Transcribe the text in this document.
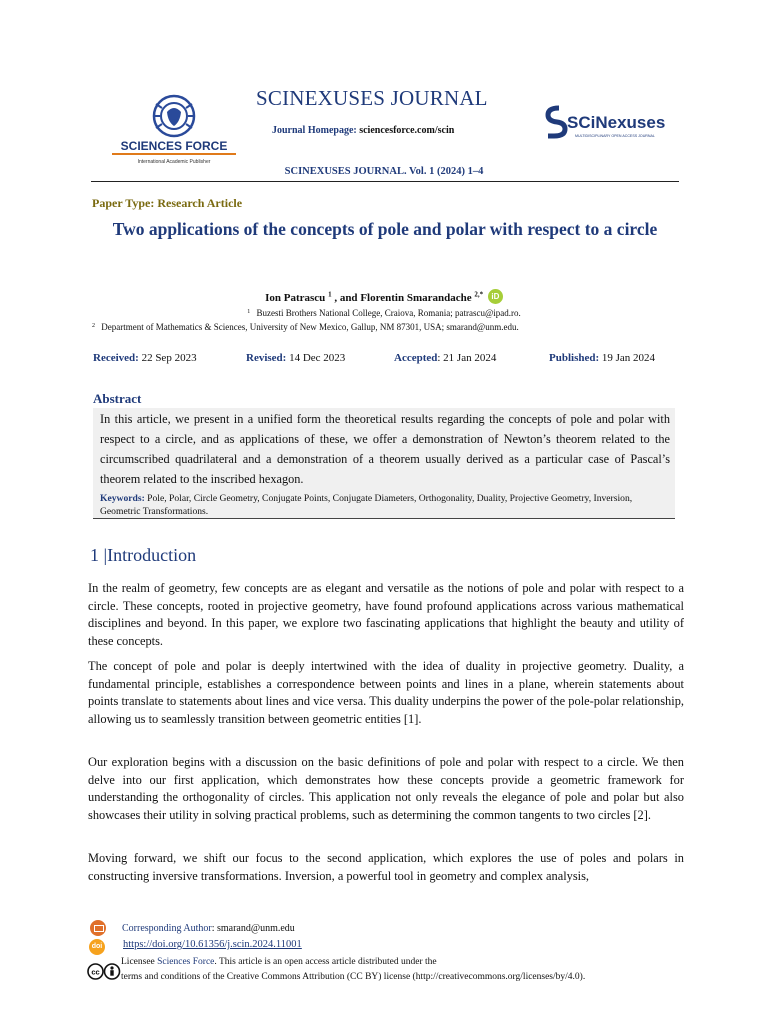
SCIENCES FORCE
International Academic Publisher
SCINEXUSES JOURNAL
Journal Homepage: sciencesforce.com/scin	SCiNexuses
MULTIDISCIPLINARY OPEN ACCESS JOURNAL
SCINEXUSES JOURNAL. Vol. 1 (2024) 1–4
Paper Type: Research Article
Two applications of the concepts of pole and polar with respect to a circle
Ion Patrascu $^1$ , and Florentin Smarandache $^{2,*}$ iD
$^1$ Buzesti Brothers National College, Craiova, Romania; patrascu@ipad.ro.
$^2$ Department of Mathematics & Sciences, University of New Mexico, Gallup, NM 87301, USA; smarand@unm.edu.
Received: 22 Sep 2023	Revised: 14 Dec 2023	Accepted: 21 Jan 2024	Published: 19 Jan 2024
Abstract
In this article, we present in a unified form the theoretical results regarding the concepts of pole and polar with respect to a circle, and as applications of these, we offer a demonstration of Newton’s theorem related to the circumscribed quadrilateral and a demonstration of a theorem usually derived as a particular case of Pascal’s theorem related to the inscribed hexagon.
Keywords: Pole, Polar, Circle Geometry, Conjugate Points, Conjugate Diameters, Orthogonality, Duality, Projective Geometry, Inversion, Geometric Transformations.
1 |Introduction
In the realm of geometry, few concepts are as elegant and versatile as the notions of pole and polar with respect to a circle. These concepts, rooted in projective geometry, have found profound applications across various mathematical disciplines and beyond. In this paper, we explore two fascinating applications that highlight the beauty and utility of these concepts.
The concept of pole and polar is deeply intertwined with the idea of duality in projective geometry. Duality, a fundamental principle, establishes a correspondence between points and lines in a plane, wherein statements about points translate to statements about lines and vice versa. This duality underpins the power of the pole-polar relationship, allowing us to seamlessly transition between geometric entities [1].
Our exploration begins with a discussion on the basic definitions of pole and polar with respect to a circle. We then delve into our first application, which demonstrates how these concepts provide a geometric framework for understanding the orthogonality of circles. This application not only reveals the elegance of pole and polar but also showcases their utility in solving practical problems, such as determining the common tangents to two circles [2].
Moving forward, we shift our focus to the second application, which explores the use of poles and polars in constructing inversive transformations. Inversion, a powerful tool in geometry and complex analysis,
Corresponding Author: smarand@unm.edu
doi https://doi.org/10.61356/j.scin.2024.11001
cc
Licensee Sciences Force. This article is an open access article distributed under the
terms and conditions of the Creative Commons Attribution (CC BY) license (http://creativecommons.org/licenses/by/4.0).
